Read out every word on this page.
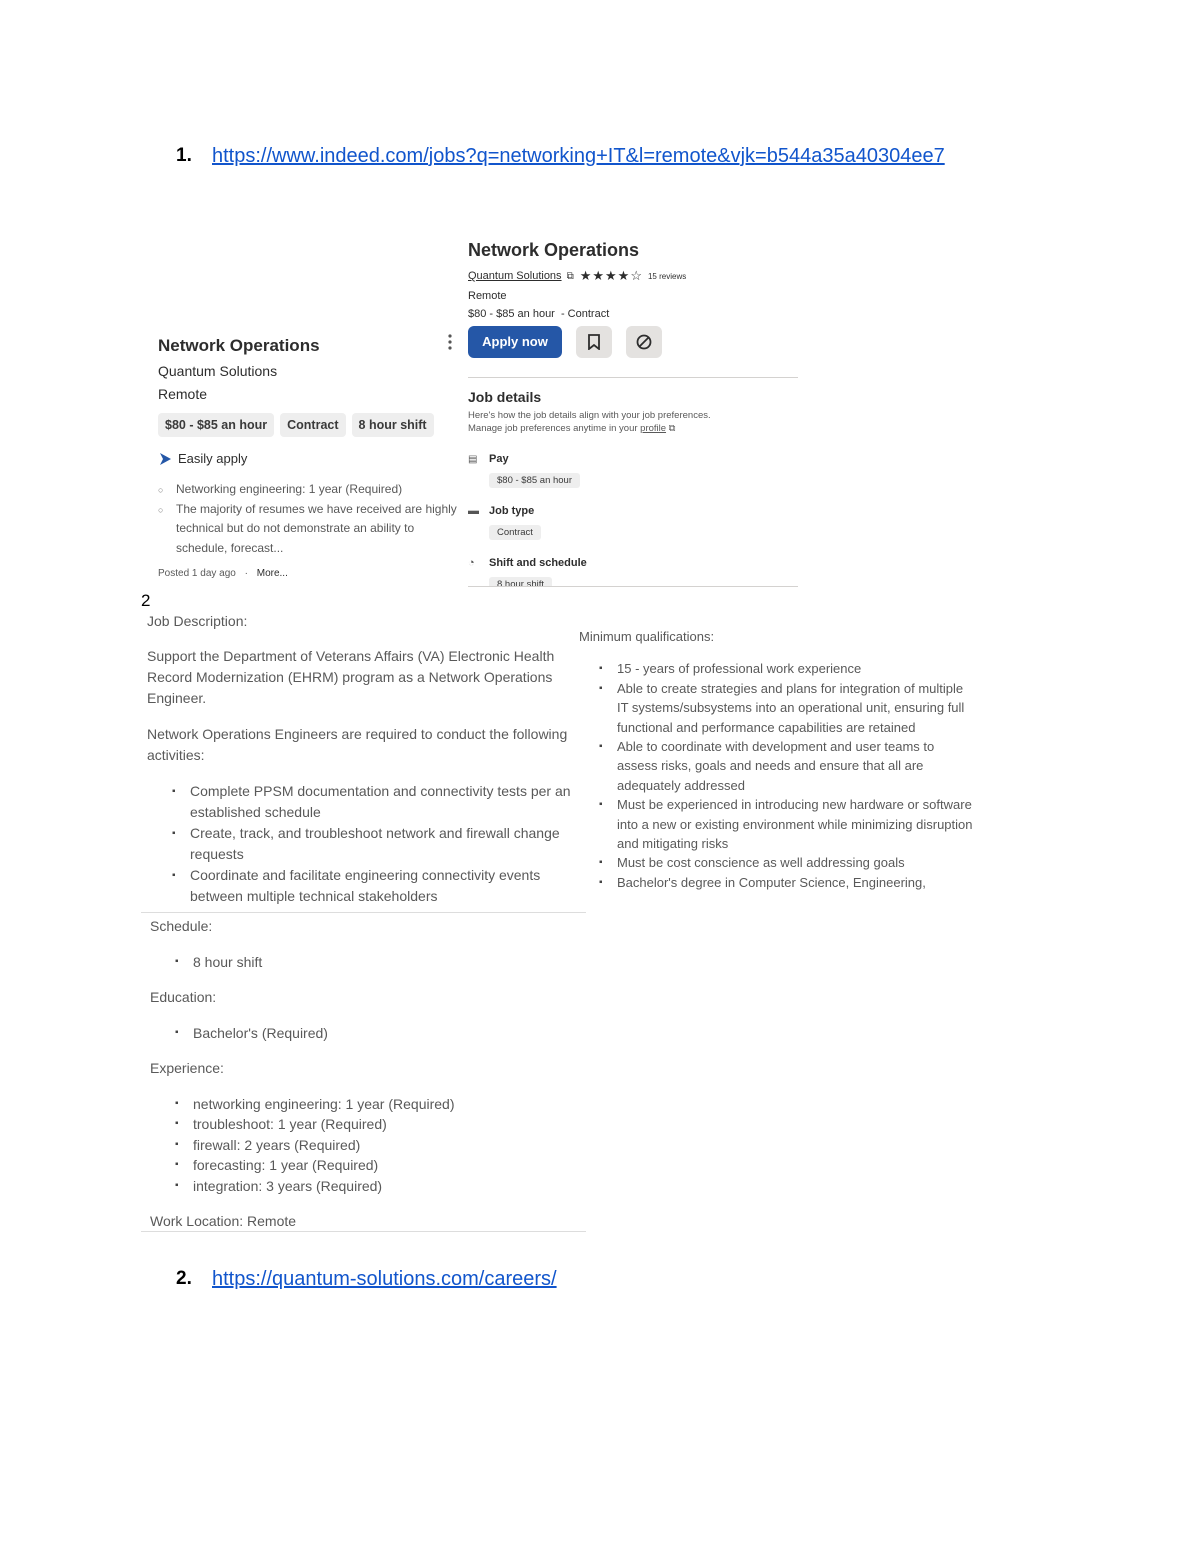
1. https://www.indeed.com/jobs?q=networking+IT&l=remote&vjk=b544a35a40304ee7
Network Operations
Quantum Solutions
Remote
$80 - $85 an hour Contract 8 hour shift
Easily apply
○ Networking engineering: 1 year (Required)
○ The majority of resumes we have received are highly technical but do not demonstrate an ability to schedule, forecast...
Posted 1 day ago · More...
2
Network Operations
Quantum Solutions ⧉ ★★★★☆ 15 reviews
Remote
$80 - $85 an hour  - Contract
Apply now
Job details
Here's how the job details align with your job preferences.
Manage job preferences anytime in your profile ⧉
▤	Pay
$80 - $85 an hour
▬ Job type
Contract
◔	Shift and schedule
8 hour shift
Job Description:
Support the Department of Veterans Affairs (VA) Electronic Health Record Modernization (EHRM) program as a Network Operations Engineer.
Network Operations Engineers are required to conduct the following activities:
▪ Complete PPSM documentation and connectivity tests per an established schedule
▪ Create, track, and troubleshoot network and firewall change requests
▪ Coordinate and facilitate engineering connectivity events between multiple technical stakeholders
Minimum qualifications:
▪ 15 - years of professional work experience
▪ Able to create strategies and plans for integration of multiple IT systems/subsystems into an operational unit, ensuring full functional and performance capabilities are retained
▪ Able to coordinate with development and user teams to assess risks, goals and needs and ensure that all are adequately addressed
▪ Must be experienced in introducing new hardware or software into a new or existing environment while minimizing disruption and mitigating risks
▪ Must be cost conscience as well addressing goals
▪ Bachelor's degree in Computer Science, Engineering,
Schedule:
▪ 8 hour shift
Education:
▪ Bachelor's (Required)
Experience:
▪ networking engineering: 1 year (Required)
▪ troubleshoot: 1 year (Required)
▪ firewall: 2 years (Required)
▪ forecasting: 1 year (Required)
▪ integration: 3 years (Required)
Work Location: Remote
2. https://quantum-solutions.com/careers/
